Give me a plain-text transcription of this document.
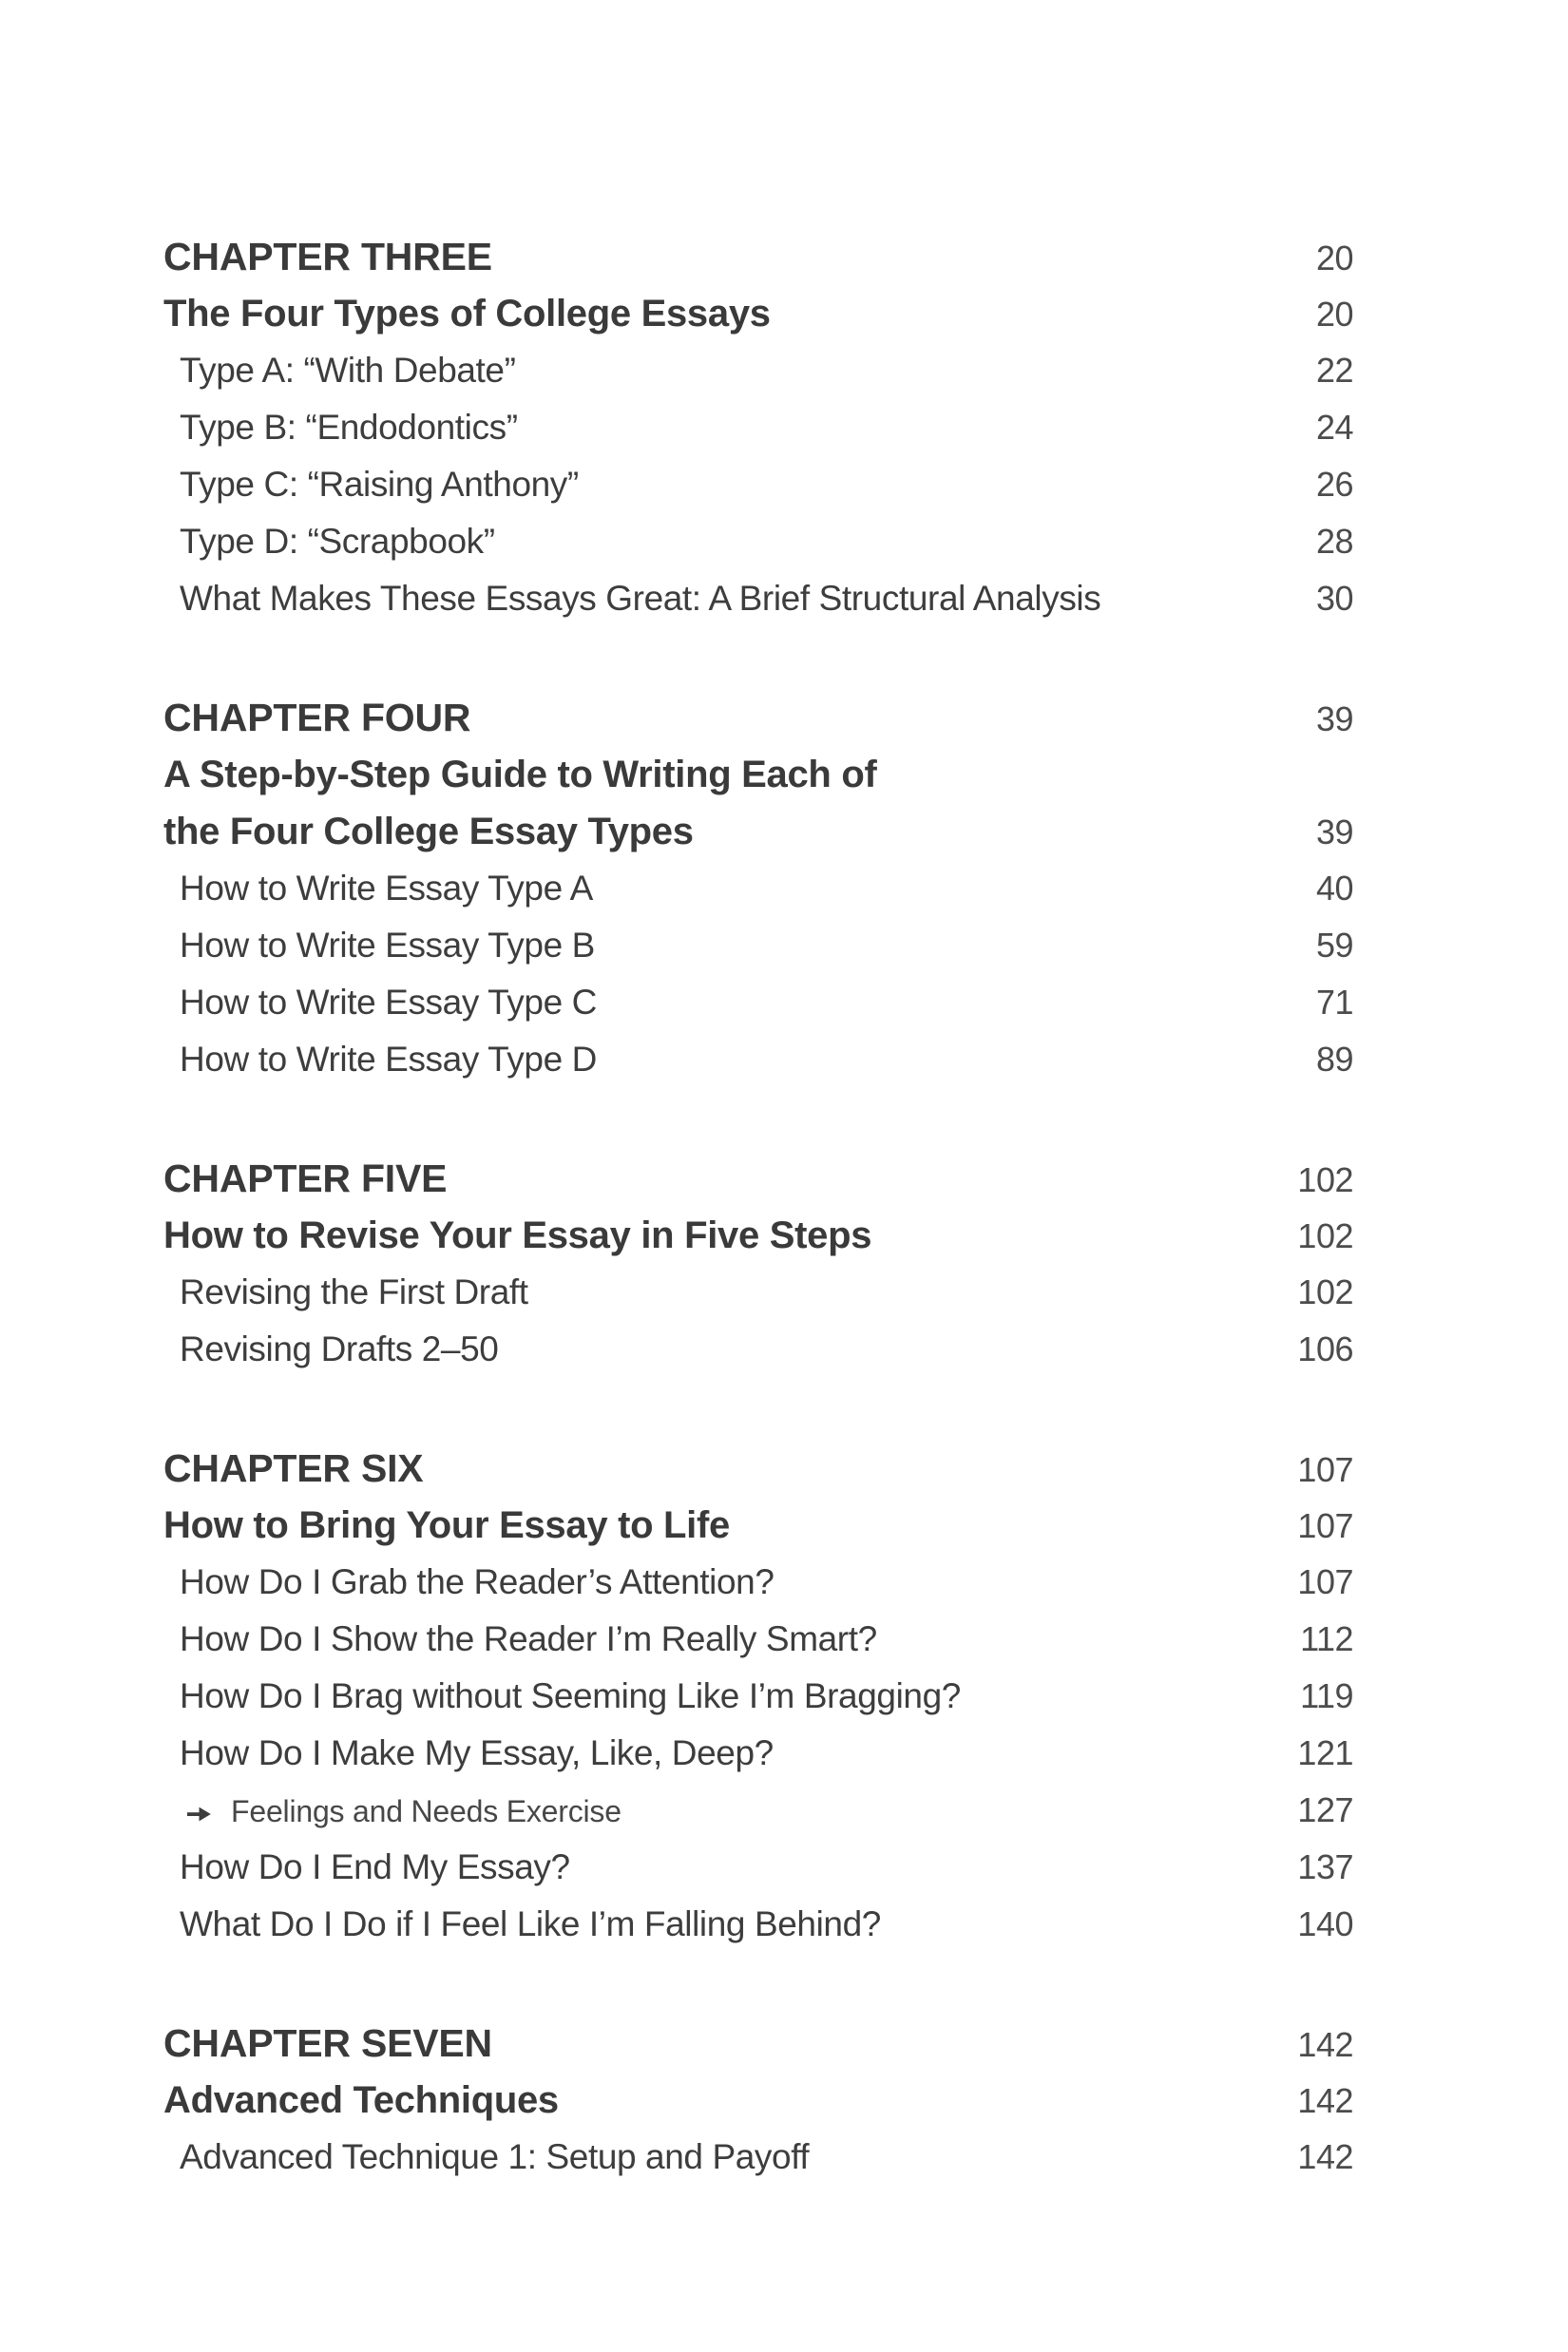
CHAPTER THREE	20
The Four Types of College Essays	20
Type A: “With Debate”	22
Type B: “Endodontics”	24
Type C: “Raising Anthony”	26
Type D: “Scrapbook”	28
What Makes These Essays Great: A Brief Structural Analysis	30
CHAPTER FOUR	39
A Step-by-Step Guide to Writing Each of
the Four College Essay Types	39
How to Write Essay Type A	40
How to Write Essay Type B	59
How to Write Essay Type C	71
How to Write Essay Type D	89
CHAPTER FIVE	102
How to Revise Your Essay in Five Steps	102
Revising the First Draft	102
Revising Drafts 2–50	106
CHAPTER SIX	107
How to Bring Your Essay to Life	107
How Do I Grab the Reader’s Attention?	107
How Do I Show the Reader I’m Really Smart?	112
How Do I Brag without Seeming Like I’m Bragging?	119
How Do I Make My Essay, Like, Deep?	121
Feelings and Needs Exercise	127
How Do I End My Essay?	137
What Do I Do if I Feel Like I’m Falling Behind?	140
CHAPTER SEVEN	142
Advanced Techniques	142
Advanced Technique 1: Setup and Payoff	142
